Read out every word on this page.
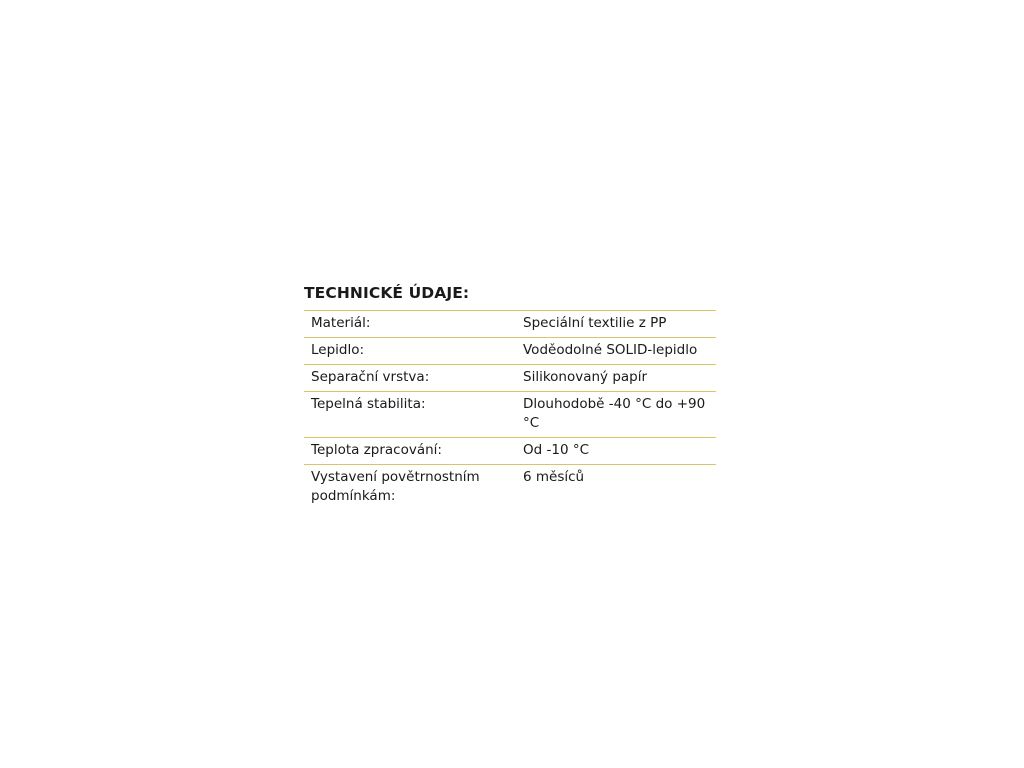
TECHNICKÉ ÚDAJE:
Materiál:	Speciální textilie z PP
Lepidlo:	Voděodolné SOLID-lepidlo
Separační vrstva:	Silikonovaný papír
Tepelná stabilita:	Dlouhodobě -40 °C do +90 °C
Teplota zpracování:	Od -10 °C
Vystavení povětrnostním podmínkám:	6 měsíců
